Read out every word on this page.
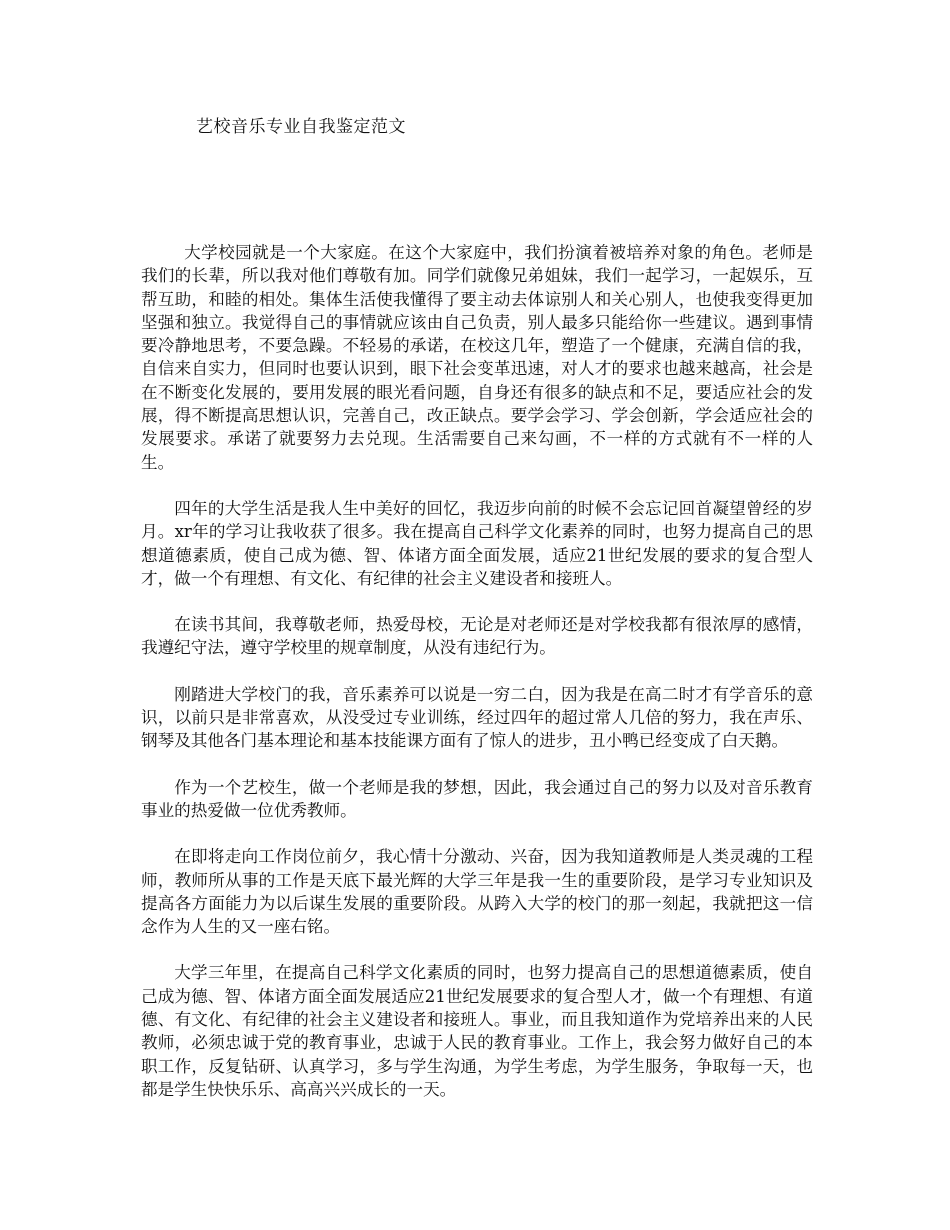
艺校音乐专业自我鉴定范文

大学校园就是一个大家庭。在这个大家庭中，我们扮演着被培养对象的角色。老师是我们的长辈，所以我对他们尊敬有加。同学们就像兄弟姐妹，我们一起学习，一起娱乐，互帮互助，和睦的相处。集体生活使我懂得了要主动去体谅别人和关心别人，也使我变得更加坚强和独立。我觉得自己的事情就应该由自己负责，别人最多只能给你一些建议。遇到事情要冷静地思考，不要急躁。不轻易的承诺，在校这几年，塑造了一个健康，充满自信的我，自信来自实力，但同时也要认识到，眼下社会变革迅速，对人才的要求也越来越高，社会是在不断变化发展的，要用发展的眼光看问题，自身还有很多的缺点和不足，要适应社会的发展，得不断提高思想认识，完善自己，改正缺点。要学会学习、学会创新，学会适应社会的发展要求。承诺了就要努力去兑现。生活需要自己来勾画，不一样的方式就有不一样的人生。

四年的大学生活是我人生中美好的回忆，我迈步向前的时候不会忘记回首凝望曾经的岁月。xr年的学习让我收获了很多。我在提高自己科学文化素养的同时，也努力提高自己的思想道德素质，使自己成为德、智、体诸方面全面发展，适应21世纪发展的要求的复合型人才，做一个有理想、有文化、有纪律的社会主义建设者和接班人。

在读书其间，我尊敬老师，热爱母校，无论是对老师还是对学校我都有很浓厚的感情，我遵纪守法，遵守学校里的规章制度，从没有违纪行为。

刚踏进大学校门的我，音乐素养可以说是一穷二白，因为我是在高二时才有学音乐的意识，以前只是非常喜欢，从没受过专业训练，经过四年的超过常人几倍的努力，我在声乐、钢琴及其他各门基本理论和基本技能课方面有了惊人的进步，丑小鸭已经变成了白天鹅。

作为一个艺校生，做一个老师是我的梦想，因此，我会通过自己的努力以及对音乐教育事业的热爱做一位优秀教师。

在即将走向工作岗位前夕，我心情十分激动、兴奋，因为我知道教师是人类灵魂的工程师，教师所从事的工作是天底下最光辉的大学三年是我一生的重要阶段，是学习专业知识及提高各方面能力为以后谋生发展的重要阶段。从跨入大学的校门的那一刻起，我就把这一信念作为人生的又一座右铭。

大学三年里，在提高自己科学文化素质的同时，也努力提高自己的思想道德素质，使自己成为德、智、体诸方面全面发展适应21世纪发展要求的复合型人才，做一个有理想、有道德、有文化、有纪律的社会主义建设者和接班人。事业，而且我知道作为党培养出来的人民教师，必须忠诚于党的教育事业，忠诚于人民的教育事业。工作上，我会努力做好自己的本职工作，反复钻研、认真学习，多与学生沟通，为学生考虑，为学生服务，争取每一天，也都是学生快快乐乐、高高兴兴成长的一天。
